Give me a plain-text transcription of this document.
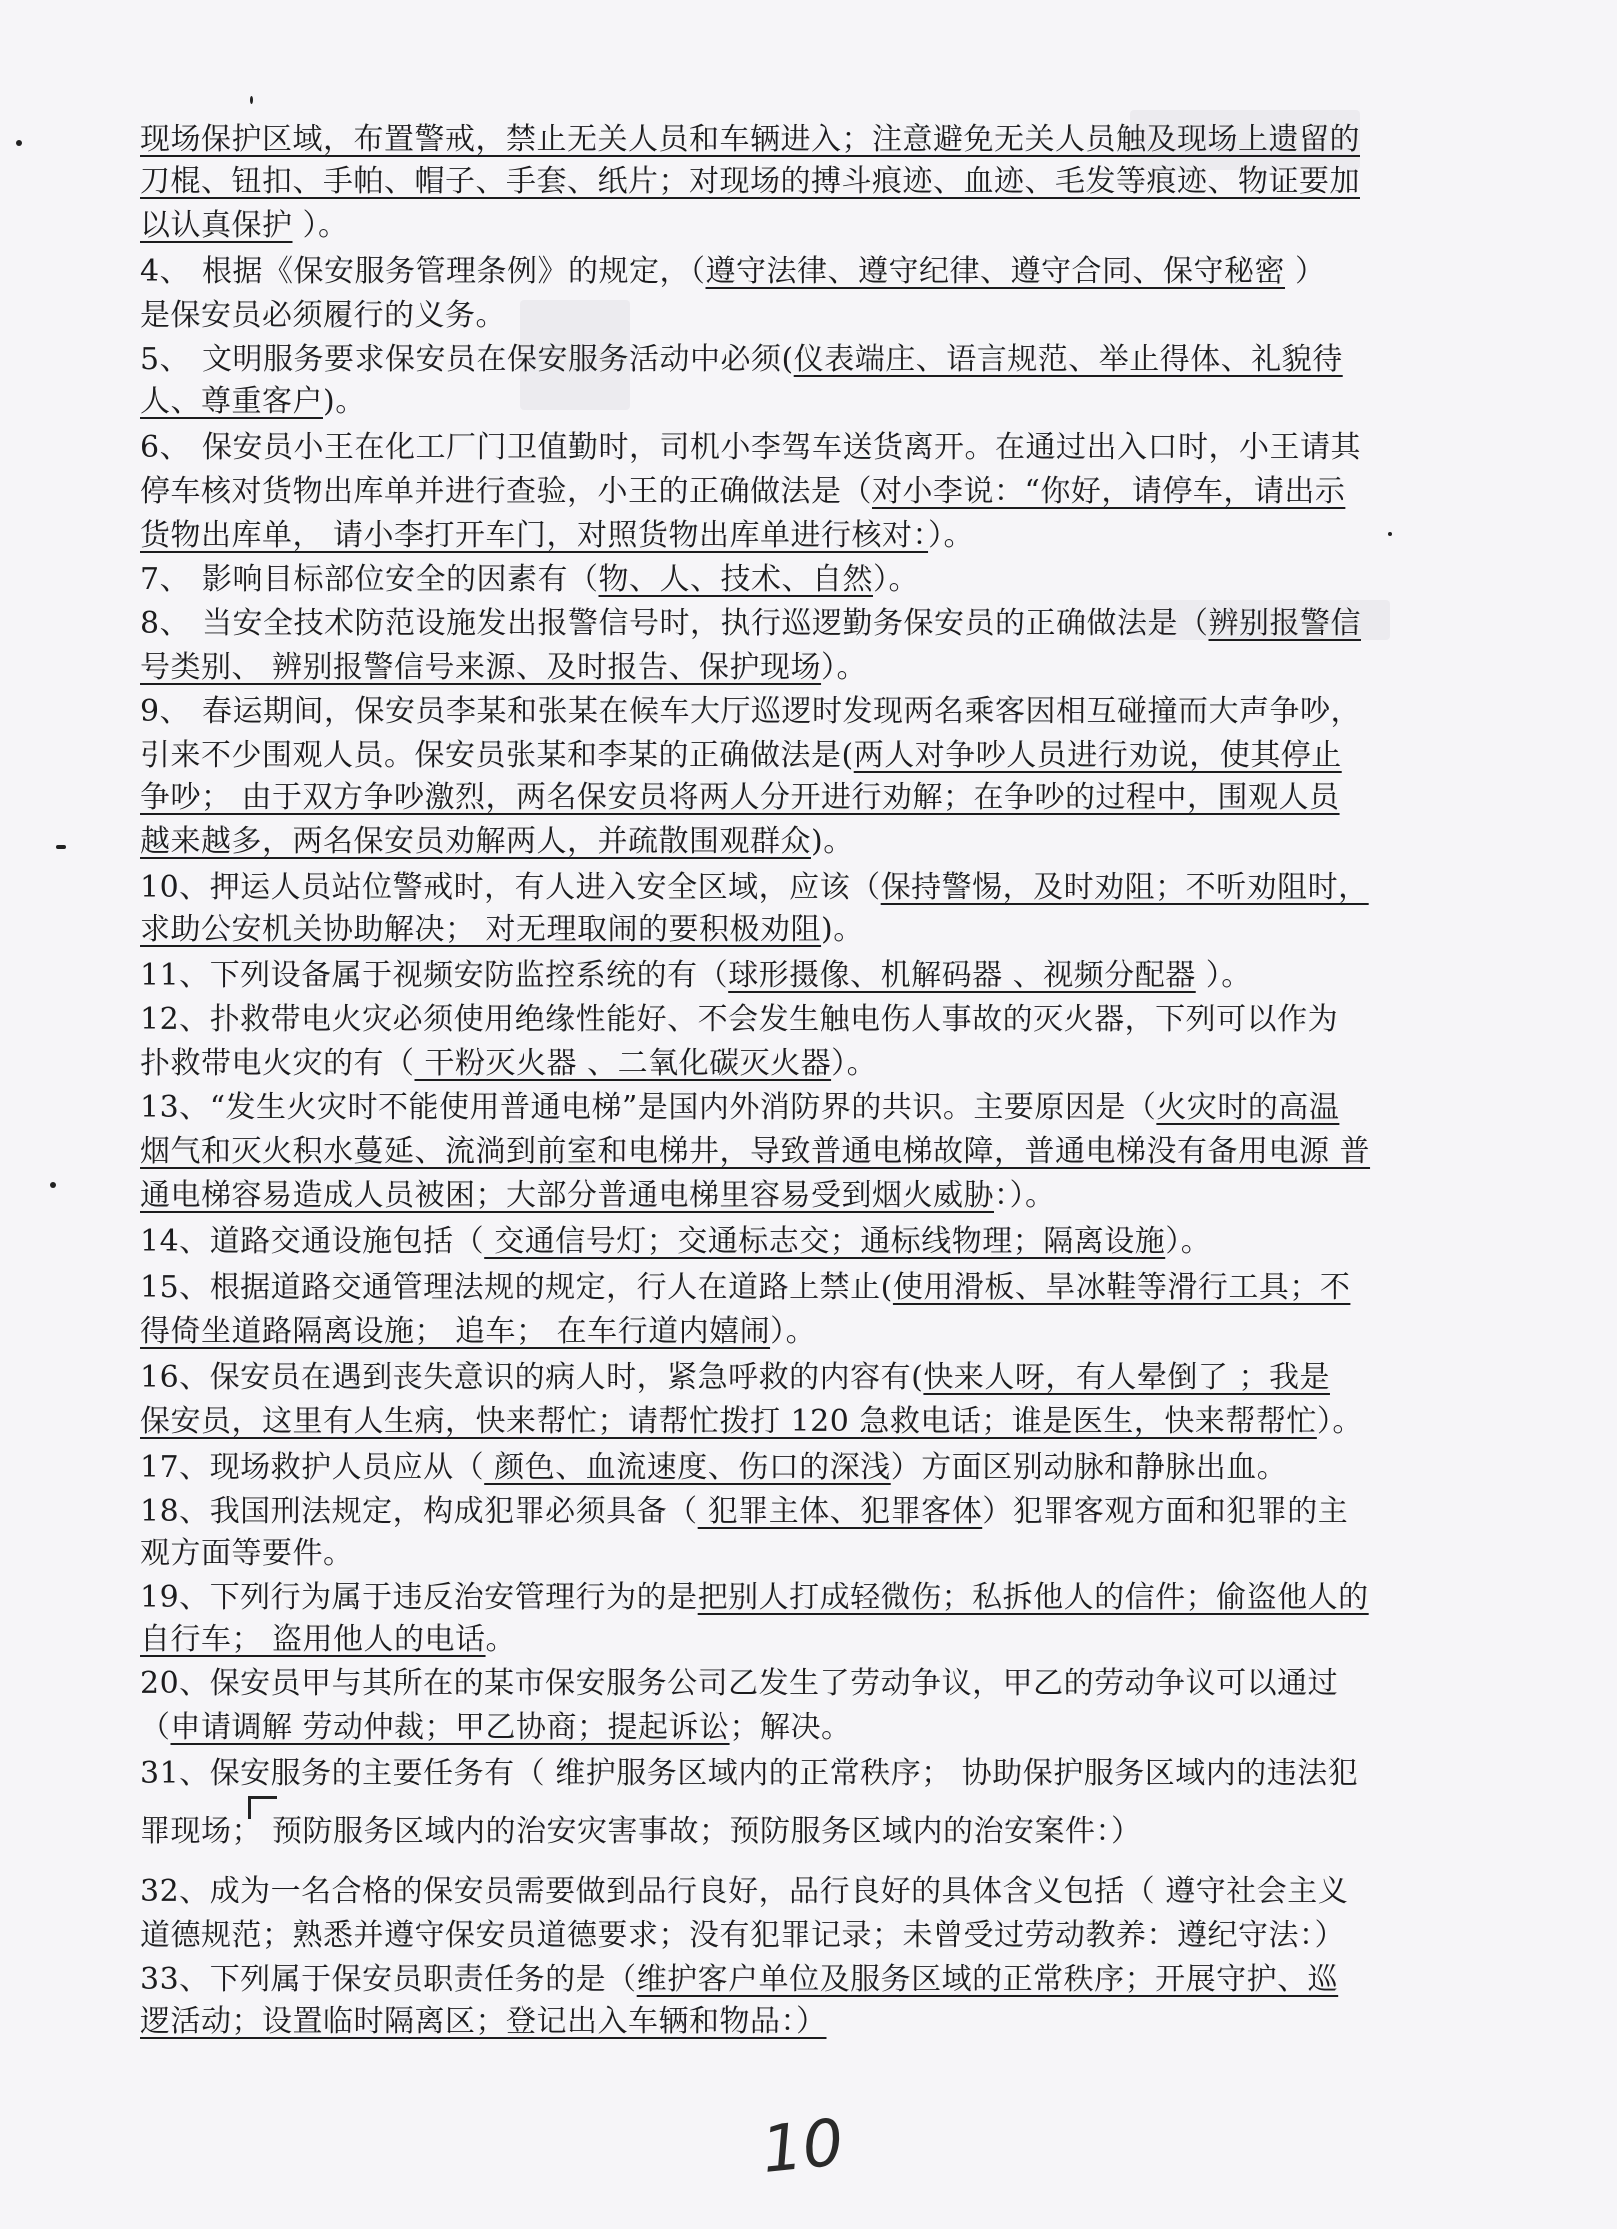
现场保护区域，布置警戒，禁止无关人员和车辆进入；注意避免无关人员触及现场上遗留的
刀棍、钮扣、手帕、帽子、手套、纸片；对现场的搏斗痕迹、血迹、毛发等痕迹、物证要加
以认真保护 ）。
4、 根据《保安服务管理条例》的规定，（遵守法律、遵守纪律、遵守合同、保守秘密 ）
是保安员必须履行的义务。
5、 文明服务要求保安员在保安服务活动中必须(仪表端庄、语言规范、举止得体、礼貌待
人、尊重客户)。
6、 保安员小王在化工厂门卫值勤时，司机小李驾车送货离开。在通过出入口时，小王请其
停车核对货物出库单并进行查验，小王的正确做法是（对小李说：“你好，请停车，请出示
货物出库单， 请小李打开车门，对照货物出库单进行核对：）。
7、 影响目标部位安全的因素有（物、人、技术、自然）。
8、 当安全技术防范设施发出报警信号时，执行巡逻勤务保安员的正确做法是（辨别报警信
号类别、 辨别报警信号来源、及时报告、保护现场）。
9、 春运期间，保安员李某和张某在候车大厅巡逻时发现两名乘客因相互碰撞而大声争吵，
引来不少围观人员。保安员张某和李某的正确做法是(两人对争吵人员进行劝说，使其停止
争吵； 由于双方争吵激烈，两名保安员将两人分开进行劝解；在争吵的过程中，围观人员
越来越多，两名保安员劝解两人，并疏散围观群众)。
10、押运人员站位警戒时，有人进入安全区域，应该（保持警惕，及时劝阻；不听劝阻时，
求助公安机关协助解决； 对无理取闹的要积极劝阻)。
11、下列设备属于视频安防监控系统的有（球形摄像、机解码器 、视频分配器 ）。
12、扑救带电火灾必须使用绝缘性能好、不会发生触电伤人事故的灭火器，下列可以作为
扑救带电火灾的有（ 干粉灭火器 、二氧化碳灭火器）。
13、“发生火灾时不能使用普通电梯”是国内外消防界的共识。主要原因是（火灾时的高温
烟气和灭火积水蔓延、流淌到前室和电梯井，导致普通电梯故障，普通电梯没有备用电源 普
通电梯容易造成人员被困；大部分普通电梯里容易受到烟火威胁：）。
14、道路交通设施包括（ 交通信号灯；交通标志交；通标线物理；隔离设施）。
15、根据道路交通管理法规的规定，行人在道路上禁止(使用滑板、旱冰鞋等滑行工具；不
得倚坐道路隔离设施； 追车； 在车行道内嬉闹）。
16、保安员在遇到丧失意识的病人时，紧急呼救的内容有(快来人呀，有人晕倒了 ；我是
保安员，这里有人生病，快来帮忙；请帮忙拨打 120 急救电话；谁是医生，快来帮帮忙）。
17、现场救护人员应从（ 颜色、血流速度、伤口的深浅）方面区别动脉和静脉出血。
18、我国刑法规定，构成犯罪必须具备（ 犯罪主体、犯罪客体）犯罪客观方面和犯罪的主
观方面等要件。
19、下列行为属于违反治安管理行为的是把别人打成轻微伤；私拆他人的信件；偷盗他人的
自行车； 盗用他人的电话。
20、保安员甲与其所在的某市保安服务公司乙发生了劳动争议，甲乙的劳动争议可以通过
（申请调解 劳动仲裁；甲乙协商；提起诉讼；解决。
31、保安服务的主要任务有（ 维护服务区域内的正常秩序； 协助保护服务区域内的违法犯
罪现场； 预防服务区域内的治安灾害事故；预防服务区域内的治安案件：）
32、成为一名合格的保安员需要做到品行良好，品行良好的具体含义包括（ 遵守社会主义
道德规范；熟悉并遵守保安员道德要求；没有犯罪记录；未曾受过劳动教养：遵纪守法：）
33、下列属于保安员职责任务的是（维护客户单位及服务区域的正常秩序；开展守护、巡
逻活动；设置临时隔离区；登记出入车辆和物品：）
10
